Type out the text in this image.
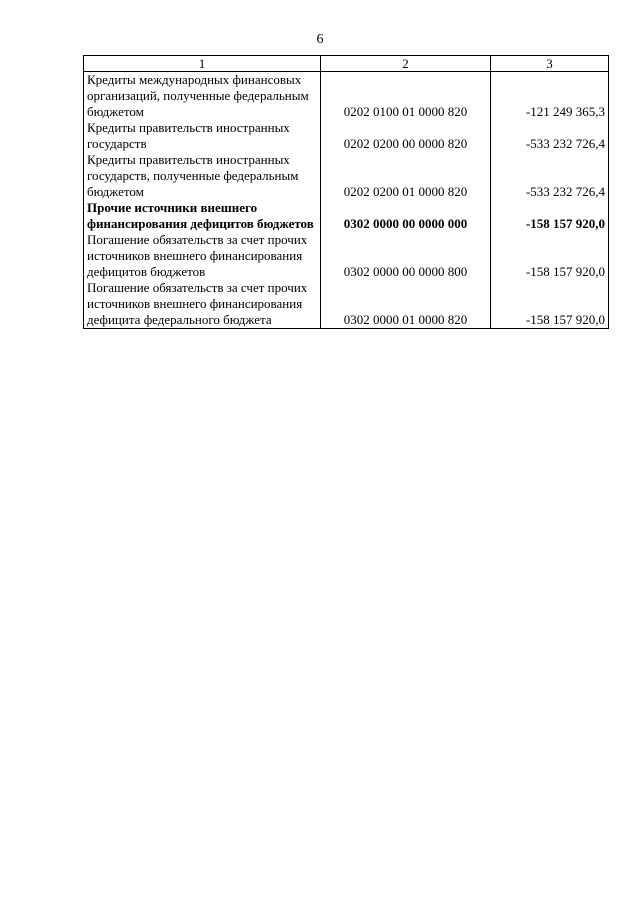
6
1	2	3
Кредиты международных финансовых организаций, полученные федеральным бюджетом	0202 0100 01 0000 820	-121 249 365,3
Кредиты правительств иностранных государств	0202 0200 00 0000 820	-533 232 726,4
Кредиты правительств иностранных государств, полученные федеральным бюджетом	0202 0200 01 0000 820	-533 232 726,4
Прочие источники внешнего финансирования дефицитов бюджетов	0302 0000 00 0000 000	-158 157 920,0
Погашение обязательств за счет прочих источников внешнего финансирования дефицитов бюджетов	0302 0000 00 0000 800	-158 157 920,0
Погашение обязательств за счет прочих источников внешнего финансирования дефицита федерального бюджета	0302 0000 01 0000 820	-158 157 920,0
